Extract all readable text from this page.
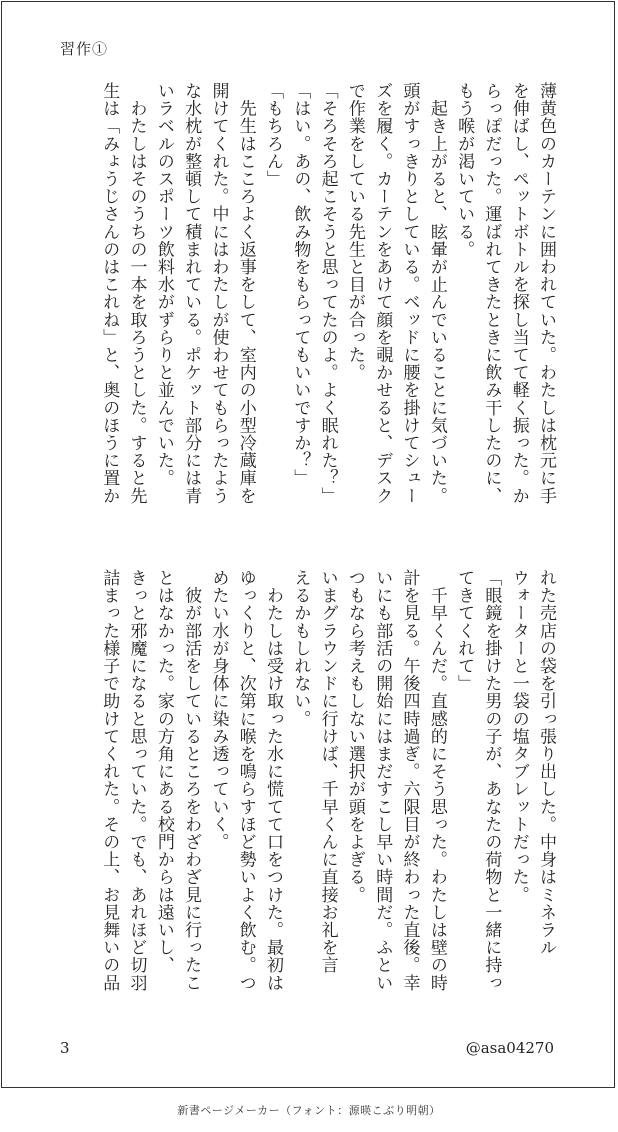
習作①
薄黄色のカーテンに囲われていた。わたしは枕元に手
を伸ばし、ペットボトルを探し当てて軽く振った。か
らっぽだった。運ばれてきたときに飲み干したのに、
もう喉が渇いている。
　起き上がると、眩暈が止んでいることに気づいた。
頭がすっきりとしている。ベッドに腰を掛けてシュー
ズを履く。カーテンをあけて顔を覗かせると、デスク
で作業をしている先生と目が合った。
「そろそろ起こそうと思ってたのよ。よく眠れた？」
「はい。あの、飲み物をもらってもいいですか？」
「もちろん」
　先生はこころよく返事をして、室内の小型冷蔵庫を
開けてくれた。中にはわたしが使わせてもらったよう
な水枕が整頓して積まれている。ポケット部分には青
いラベルのスポーツ飲料水がずらりと並んでいた。
　わたしはそのうちの一本を取ろうとした。すると先
生は「みょうじさんのはこれね」と、奥のほうに置か
れた売店の袋を引っ張り出した。中身はミネラル
ウォーターと一袋の塩タブレットだった。
「眼鏡を掛けた男の子が、あなたの荷物と一緒に持っ
てきてくれて」
　千早くんだ。直感的にそう思った。わたしは壁の時
計を見る。午後四時過ぎ。六限目が終わった直後。幸
いにも部活の開始にはまだすこし早い時間だ。ふとい
つもなら考えもしない選択が頭をよぎる。
いまグラウンドに行けば、千早くんに直接お礼を言
えるかもしれない。
　わたしは受け取った水に慌てて口をつけた。最初は
ゆっくりと、次第に喉を鳴らすほど勢いよく飲む。つ
めたい水が身体に染み透っていく。
　彼が部活をしているところをわざわざ見に行ったこ
とはなかった。家の方角にある校門からは遠いし、
きっと邪魔になると思っていた。でも、あれほど切羽
詰まった様子で助けてくれた。その上、お見舞いの品
3	@asa04270
新書ページメーカー（フォント：源暎こぶり明朝）
